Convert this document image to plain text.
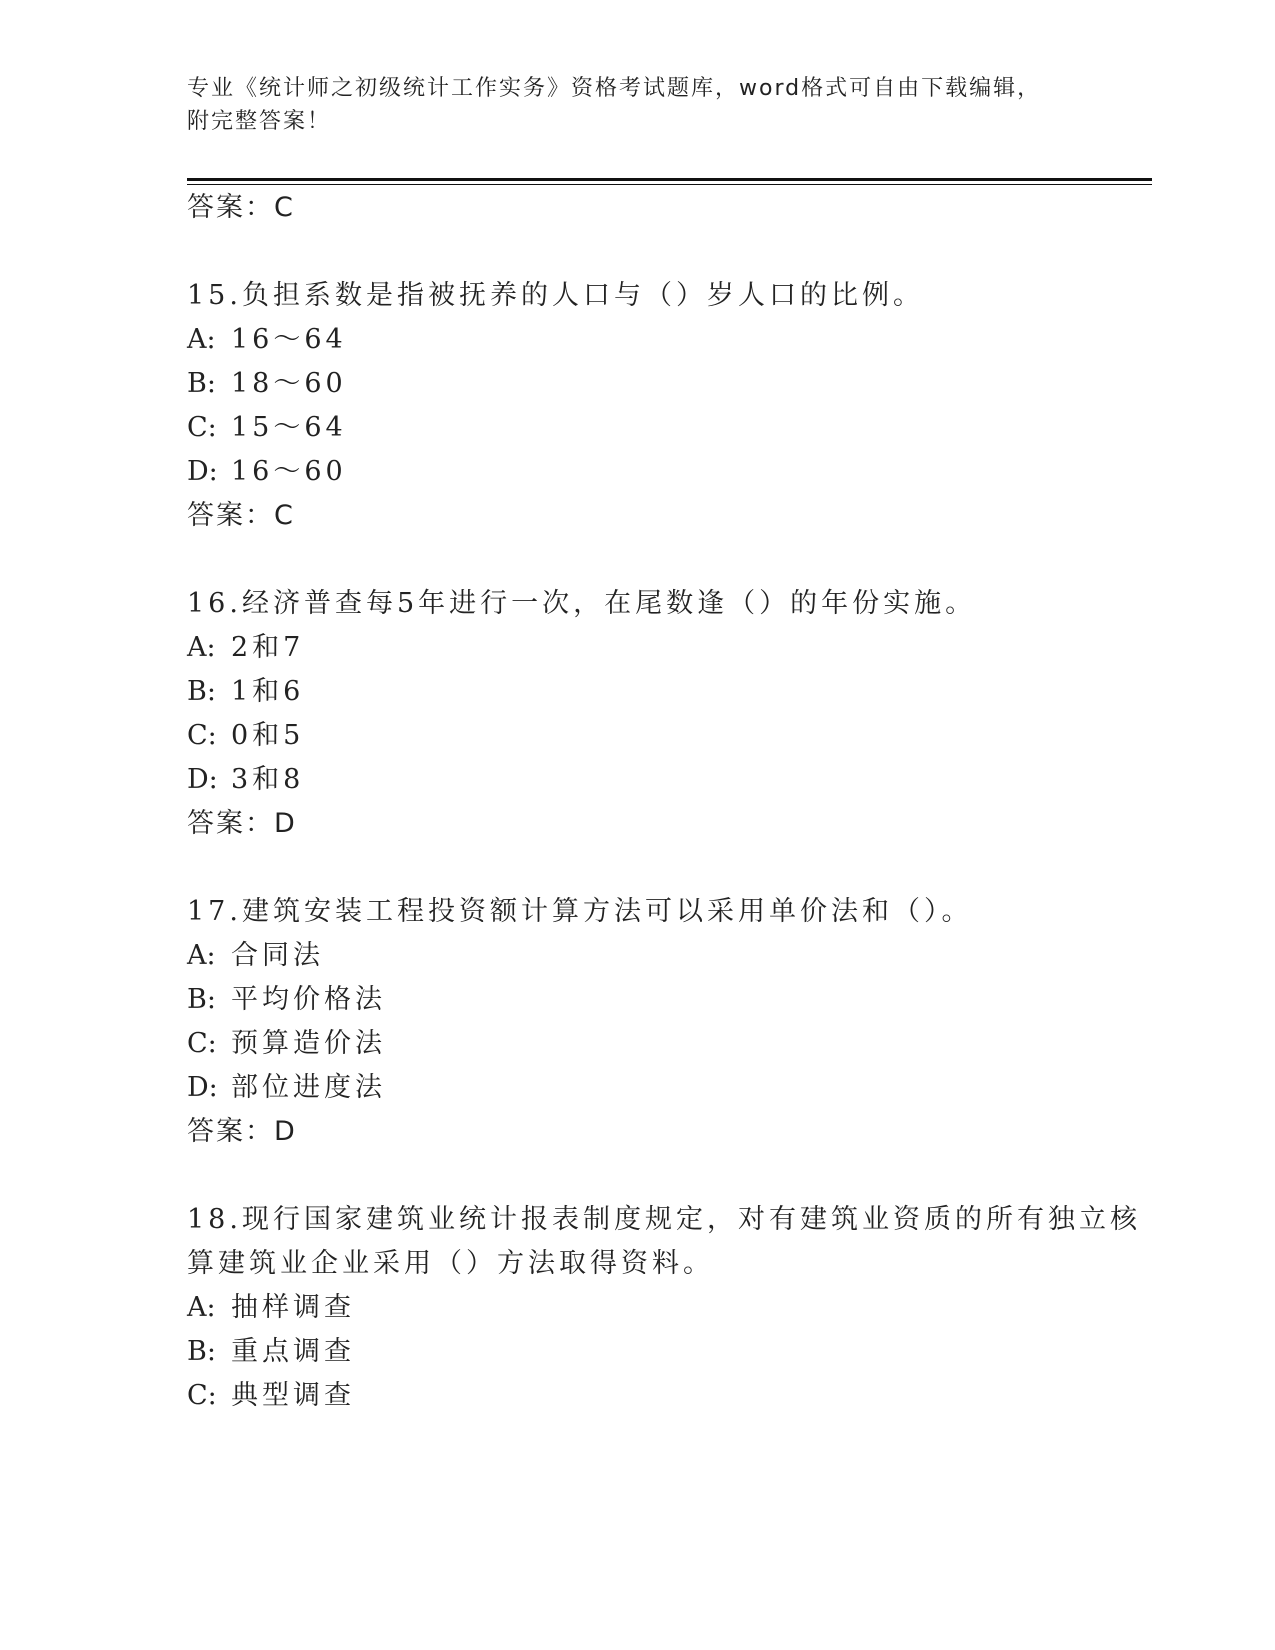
专业《统计师之初级统计工作实务》资格考试题库，word格式可自由下载编辑，
附完整答案！
答案：C
15.负担系数是指被抚养的人口与（）岁人口的比例。
A: 16～64
B: 18～60
C: 15～64
D: 16～60
答案：C
16.经济普查每5年进行一次，在尾数逢（）的年份实施。
A: 2和7
B: 1和6
C: 0和5
D: 3和8
答案：D
17.建筑安装工程投资额计算方法可以采用单价法和（）。
A: 合同法
B: 平均价格法
C: 预算造价法
D: 部位进度法
答案：D
18.现行国家建筑业统计报表制度规定，对有建筑业资质的所有独立核
算建筑业企业采用（）方法取得资料。
A: 抽样调查
B: 重点调查
C: 典型调查
